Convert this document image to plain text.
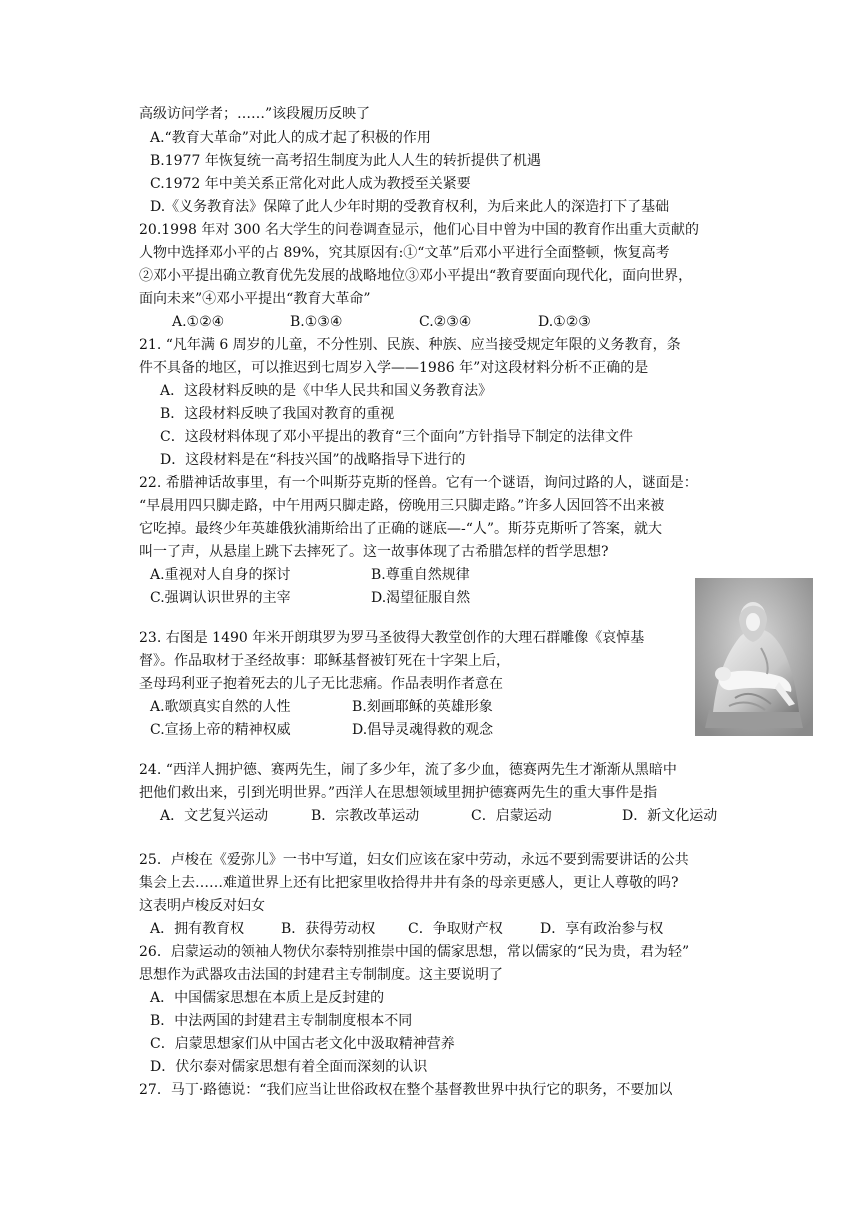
高级访问学者；……”该段履历反映了
A.“教育大革命”对此人的成才起了积极的作用
B.1977 年恢复统一高考招生制度为此人人生的转折提供了机遇
C.1972 年中美关系正常化对此人成为教授至关紧要
D.《义务教育法》保障了此人少年时期的受教育权利，为后来此人的深造打下了基础
20.1998 年对 300 名大学生的问卷调查显示，他们心目中曾为中国的教育作出重大贡献的
人物中选择邓小平的占 89%，究其原因有:①“文革”后邓小平进行全面整顿，恢复高考
②邓小平提出确立教育优先发展的战略地位③邓小平提出“教育要面向现代化，面向世界，
面向未来”④邓小平提出“教育大革命”
A.①②④	B.①③④	C.②③④	D.①②③
21. “凡年满 6 周岁的儿童，不分性别、民族、种族、应当接受规定年限的义务教育，条
件不具备的地区，可以推迟到七周岁入学——1986 年”对这段材料分析不正确的是
A．这段材料反映的是《中华人民共和国义务教育法》
B．这段材料反映了我国对教育的重视
C．这段材料体现了邓小平提出的教育“三个面向”方针指导下制定的法律文件
D．这段材料是在“科技兴国”的战略指导下进行的
22. 希腊神话故事里，有一个叫斯芬克斯的怪兽。它有一个谜语，询问过路的人，谜面是：
“早晨用四只脚走路，中午用两只脚走路，傍晚用三只脚走路。”许多人因回答不出来被
它吃掉。最终少年英雄俄狄浦斯给出了正确的谜底—-“人”。斯芬克斯听了答案，就大
叫一了声，从悬崖上跳下去摔死了。这一故事体现了古希腊怎样的哲学思想?
A.重视对人自身的探讨	B.尊重自然规律
C.强调认识世界的主宰	D.渴望征服自然
23. 右图是 1490 年米开朗琪罗为罗马圣彼得大教堂创作的大理石群雕像《哀悼基
督》。作品取材于圣经故事：耶稣基督被钉死在十字架上后，
圣母玛利亚子抱着死去的儿子无比悲痛。作品表明作者意在
A.歌颂真实自然的人性	B.刻画耶稣的英雄形象
C.宣扬上帝的精神权威	D.倡导灵魂得救的观念
24. “西洋人拥护德、赛两先生，闹了多少年，流了多少血，德赛两先生才渐渐从黑暗中
把他们救出来，引到光明世界。”西洋人在思想领域里拥护德赛两先生的重大事件是指
A．文艺复兴运动	B．宗教改革运动	C．启蒙运动	D．新文化运动
25．卢梭在《爱弥儿》一书中写道，妇女们应该在家中劳动，永远不要到需要讲话的公共
集会上去……难道世界上还有比把家里收拾得井井有条的母亲更感人，更让人尊敬的吗?
这表明卢梭反对妇女
A．拥有教育权	B．获得劳动权 C．争取财产权	D．享有政治参与权
26．启蒙运动的领袖人物伏尔泰特别推崇中国的儒家思想，常以儒家的“民为贵，君为轻”
思想作为武器攻击法国的封建君主专制制度。这主要说明了
A．中国儒家思想在本质上是反封建的
B．中法两国的封建君主专制制度根本不同
C．启蒙思想家们从中国古老文化中汲取精神营养
D．伏尔泰对儒家思想有着全面而深刻的认识
27．马丁·路德说：“我们应当让世俗政权在整个基督教世界中执行它的职务，不要加以
